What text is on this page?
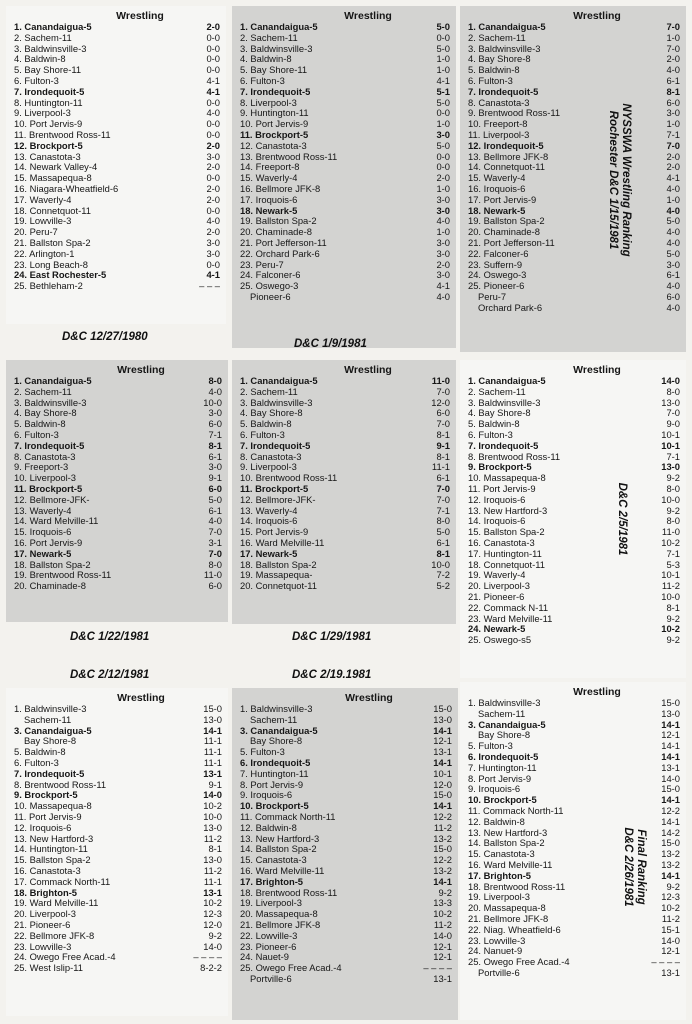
Wrestling
1. Canandaigua-5	2-0
2. Sachem-11	0-0
3. Baldwinsville-3	0-0
4. Baldwin-8	0-0
5. Bay Shore-11	0-0
6. Fulton-3	4-1
7. Irondequoit-5	4-1
8. Huntington-11	0-0
9. Liverpool-3	4-0
10. Port Jervis-9	0-0
11. Brentwood Ross-11	0-0
12. Brockport-5	2-0
13. Canastota-3	3-0
14. Newark Valley-4	2-0
15. Massapequa-8	0-0
16. Niagara-Wheatfield-6	2-0
17. Waverly-4	2-0
18. Connetquot-11	0-0
19. Lowville-3	4-0
20. Peru-7	2-0
21. Ballston Spa-2	3-0
22. Arlington-1	3-0
23. Long Beach-8	0-0
24. East Rochester-5	4-1
25. Bethleham-2	– – –
Wrestling
1. Canandaigua-5	5-0
2. Sachem-11	0-0
3. Baldwinsville-3	5-0
4. Baldwin-8	1-0
5. Bay Shore-11	1-0
6. Fulton-3	4-1
7. Irondequoit-5	5-1
8. Liverpool-3	5-0
9. Huntington-11	0-0
10. Port Jervis-9	1-0
11. Brockport-5	3-0
12. Canastota-3	5-0
13. Brentwood Ross-11	0-0
14. Freeport-8	0-0
15. Waverly-4	2-0
16. Bellmore JFK-8	1-0
17. Iroquois-6	3-0
18. Newark-5	3-0
19. Ballston Spa-2	4-0
20. Chaminade-8	1-0
21. Port Jefferson-11	3-0
22. Orchard Park-6	3-0
23. Peru-7	2-0
24. Falconer-6	3-0
25. Oswego-3	4-1
Pioneer-6	4-0
Wrestling
1. Canandaigua-5	7-0
2. Sachem-11	1-0
3. Baldwinsville-3	7-0
4. Bay Shore-8	2-0
5. Baldwin-8	4-0
6. Fulton-3	6-1
7. Irondequoit-5	8-1
8. Canastota-3	6-0
9. Brentwood Ross-11	3-0
10. Freeport-8	1-0
11. Liverpool-3	7-1
12. Irondequoit-5	7-0
13. Bellmore JFK-8	2-0
14. Connetquot-11	2-0
15. Waverly-4	4-1
16. Iroquois-6	4-0
17. Port Jervis-9	1-0
18. Newark-5	4-0
19. Ballston Spa-2	5-0
20. Chaminade-8	4-0
21. Port Jefferson-11	4-0
22. Falconer-6	5-0
23. Suffern-9	3-0
24. Oswego-3	6-1
25. Pioneer-6	4-0
Peru-7	6-0
Orchard Park-6	4-0
Wrestling
1. Canandaigua-5	8-0
2. Sachem-11	4-0
3. Baldwinsville-3	10-0
4. Bay Shore-8	3-0
5. Baldwin-8	6-0
6. Fulton-3	7-1
7. Irondequoit-5	8-1
8. Canastota-3	6-1
9. Freeport-3	3-0
10. Liverpool-3	9-1
11. Brockport-5	6-0
12. Bellmore-JFK-	5-0
13. Waverly-4	6-1
14. Ward Melville-11	4-0
15. Iroquois-6	7-0
16. Port Jervis-9	3-1
17. Newark-5	7-0
18. Ballston Spa-2	8-0
19. Brentwood Ross-11	11-0
20. Chaminade-8	6-0
Wrestling
1. Canandaigua-5	11-0
2. Sachem-11	7-0
3. Baldwinsville-3	12-0
4. Bay Shore-8	6-0
5. Baldwin-8	7-0
6. Fulton-3	8-1
7. Irondequoit-5	9-1
8. Canastota-3	8-1
9. Liverpool-3	11-1
10. Brentwood Ross-11	6-1
11. Brockport-5	7-0
12. Bellmore-JFK-	7-0
13. Waverly-4	7-1
14. Iroquois-6	8-0
15. Port Jervis-9	5-0
16. Ward Melville-11	6-1
17. Newark-5	8-1
18. Ballston Spa-2	10-0
19. Massapequa-	7-2
20. Connetquot-11	5-2
Wrestling
1. Canandaigua-5	14-0
2. Sachem-11	8-0
3. Baldwinsville-3	13-0
4. Bay Shore-8	7-0
5. Baldwin-8	9-0
6. Fulton-3	10-1
7. Irondequoit-5	10-1
8. Brentwood Ross-11	7-1
9. Brockport-5	13-0
10. Massapequa-8	9-2
11. Port Jervis-9	8-0
12. Iroquois-6	10-0
13. New Hartford-3	9-2
14. Iroquois-6	8-0
15. Ballston Spa-2	11-0
16. Canastota-3	10-2
17. Huntington-11	7-1
18. Connetquot-11	5-3
19. Waverly-4	10-1
20. Liverpool-3	11-2
21. Pioneer-6	10-0
22. Commack N-11	8-1
23. Ward Melville-11	9-2
24. Newark-5	10-2
25. Oswego-s5	9-2
Wrestling
1. Baldwinsville-3	15-0
Sachem-11	13-0
3. Canandaigua-5	14-1
Bay Shore-8	11-1
5. Baldwin-8	11-1
6. Fulton-3	11-1
7. Irondequoit-5	13-1
8. Brentwood Ross-11	9-1
9. Brockport-5	14-0
10. Massapequa-8	10-2
11. Port Jervis-9	10-0
12. Iroquois-6	13-0
13. New Hartford-3	11-2
14. Huntington-11	8-1
15. Ballston Spa-2	13-0
16. Canastota-3	11-2
17. Commack North-11	11-1
18. Brighton-5	13-1
19. Ward Melville-11	10-2
20. Liverpool-3	12-3
21. Pioneer-6	12-0
22. Bellmore JFK-8	9-2
23. Lowville-3	14-0
24. Owego Free Acad.-4	– – – –
25. West Islip-11	8-2-2
Wrestling
1. Baldwinsville-3	15-0
Sachem-11	13-0
3. Canandaigua-5	14-1
Bay Shore-8	12-1
5. Fulton-3	13-1
6. Irondequoit-5	14-1
7. Huntington-11	10-1
8. Port Jervis-9	12-0
9. Iroquois-6	15-0
10. Brockport-5	14-1
11. Commack North-11	12-2
12. Baldwin-8	11-2
13. New Hartford-3	13-2
14. Ballston Spa-2	15-0
15. Canastota-3	12-2
16. Ward Melville-11	13-2
17. Brighton-5	14-1
18. Brentwood Ross-11	9-2
19. Liverpool-3	13-3
20. Massapequa-8	10-2
21. Bellmore JFK-8	11-2
22. Lowville-3	14-0
23. Pioneer-6	12-1
24. Nauet-9	12-1
25. Owego Free Acad.-4	– – – –
Portville-6	13-1
Wrestling
1. Baldwinsville-3	15-0
Sachem-11	13-0
3. Canandaigua-5	14-1
Bay Shore-8	12-1
5. Fulton-3	14-1
6. Irondequoit-5	14-1
7. Huntington-11	13-1
8. Port Jervis-9	14-0
9. Iroquois-6	15-0
10. Brockport-5	14-1
11. Commack North-11	12-2
12. Baldwin-8	14-1
13. New Hartford-3	14-2
14. Ballston Spa-2	15-0
15. Canastota-3	13-2
16. Ward Melville-11	13-2
17. Brighton-5	14-1
18. Brentwood Ross-11	9-2
19. Liverpool-3	12-3
20. Massapequa-8	10-2
21. Bellmore JFK-8	11-2
22. Niag. Wheatfield-6	15-1
23. Lowville-3	14-0
24. Nanuet-9	12-1
25. Owego Free Acad.-4	– – – –
Portville-6	13-1
D&C 12/27/1980
D&C 1/9/1981
NYSSWA Wrestling Ranking
Rochester D&C 1/15/1981
D&C 1/22/1981	D&C 1/29/1981
D&C 2/5/1981
D&C 2/12/1981	D&C 2/19.1981
Final Ranking
D&C 2/26/1981
